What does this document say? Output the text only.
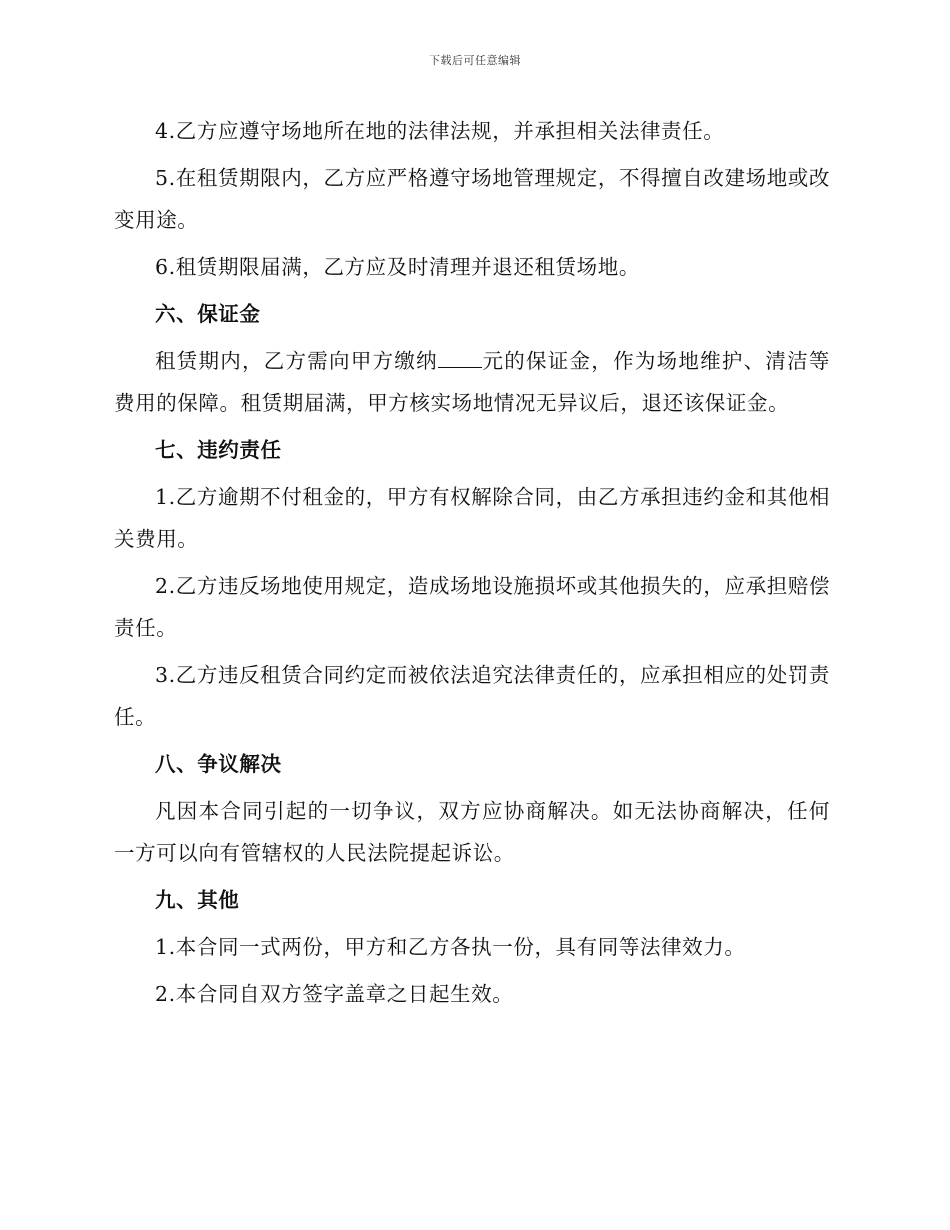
下载后可任意编辑

4.乙方应遵守场地所在地的法律法规，并承担相关法律责任。

5.在租赁期限内，乙方应严格遵守场地管理规定，不得擅自改建场地或改变用途。

6.租赁期限届满，乙方应及时清理并退还租赁场地。

六、保证金

租赁期内，乙方需向甲方缴纳 元的保证金，作为场地维护、清洁等费用的保障。租赁期届满，甲方核实场地情况无异议后，退还该保证金。

七、违约责任

1.乙方逾期不付租金的，甲方有权解除合同，由乙方承担违约金和其他相关费用。

2.乙方违反场地使用规定，造成场地设施损坏或其他损失的，应承担赔偿责任。

3.乙方违反租赁合同约定而被依法追究法律责任的，应承担相应的处罚责任。

八、争议解决

凡因本合同引起的一切争议，双方应协商解决。如无法协商解决，任何一方可以向有管辖权的人民法院提起诉讼。

九、其他

1.本合同一式两份，甲方和乙方各执一份，具有同等法律效力。

2.本合同自双方签字盖章之日起生效。
